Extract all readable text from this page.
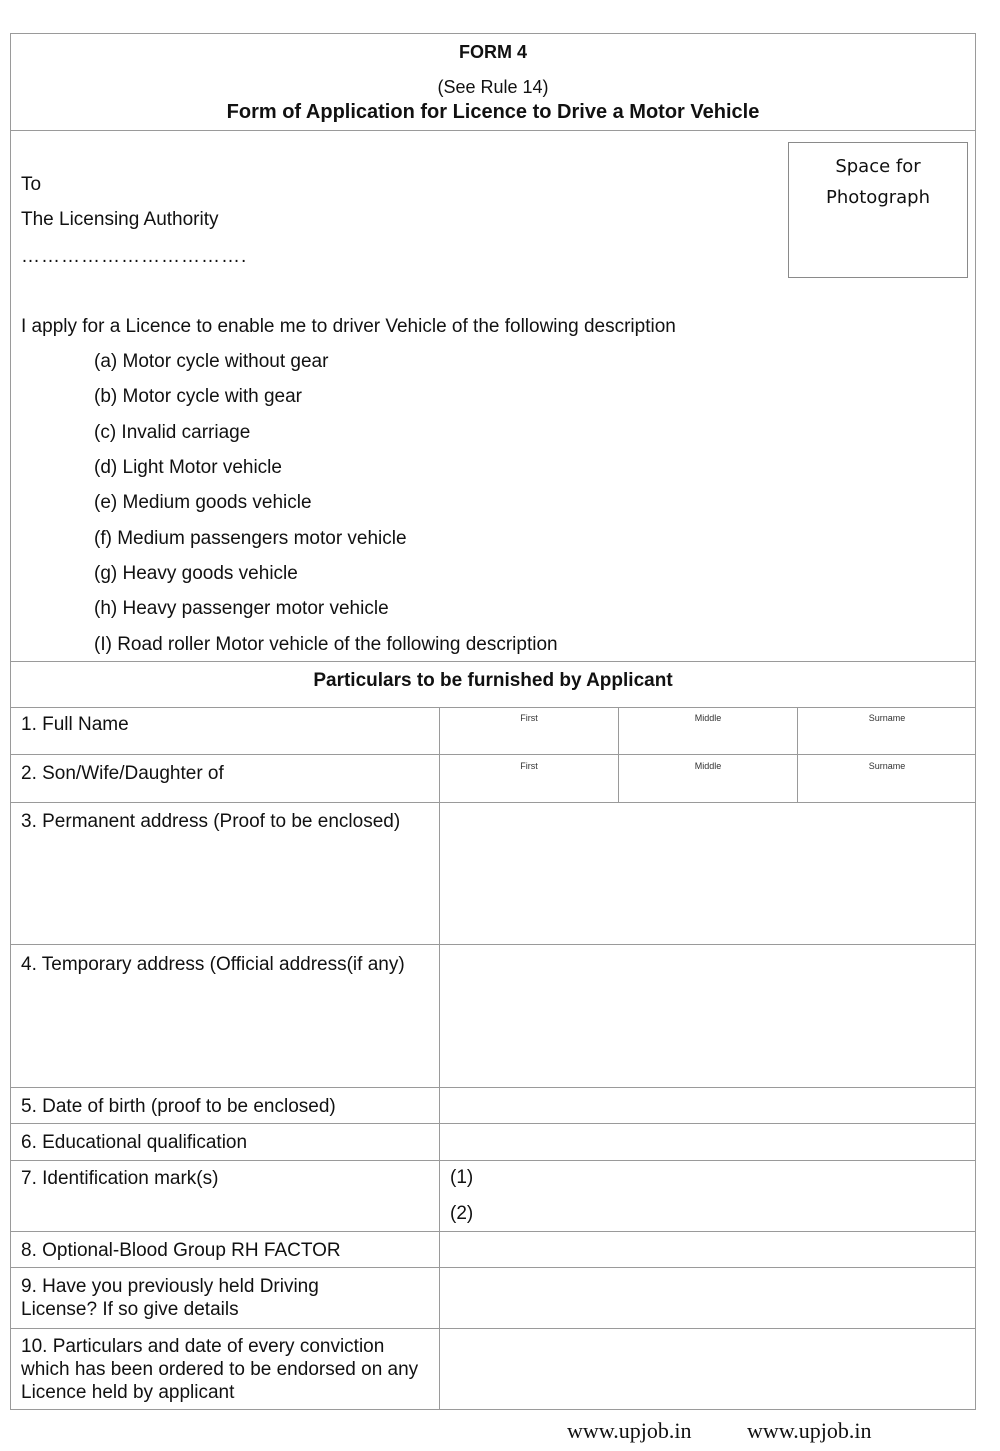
FORM 4
(See Rule 14)
Form of Application for Licence to Drive a Motor Vehicle
To
The Licensing Authority
…………………………….
Space for
Photograph
I apply for a Licence to enable me to driver Vehicle of the following description
(a) Motor cycle without gear
(b) Motor cycle with gear
(c) Invalid carriage
(d) Light Motor vehicle
(e) Medium goods vehicle
(f) Medium passengers motor vehicle
(g) Heavy goods vehicle
(h) Heavy passenger motor vehicle
(I) Road roller Motor vehicle of the following description
Particulars to be furnished by Applicant
1. Full Name	First	Middle	Surname
2. Son/Wife/Daughter of	First	Middle	Surname
3. Permanent address (Proof to be enclosed)
4. Temporary address (Official address(if any)
5. Date of birth (proof to be enclosed)
6. Educational qualification
7. Identification mark(s)	(1)
(2)
8. Optional-Blood Group RH FACTOR
9. Have you previously held Driving License? If so give details
10. Particulars and date of every conviction which has been ordered to be endorsed on any Licence held by applicant
www.upjob.in	www.upjob.in
